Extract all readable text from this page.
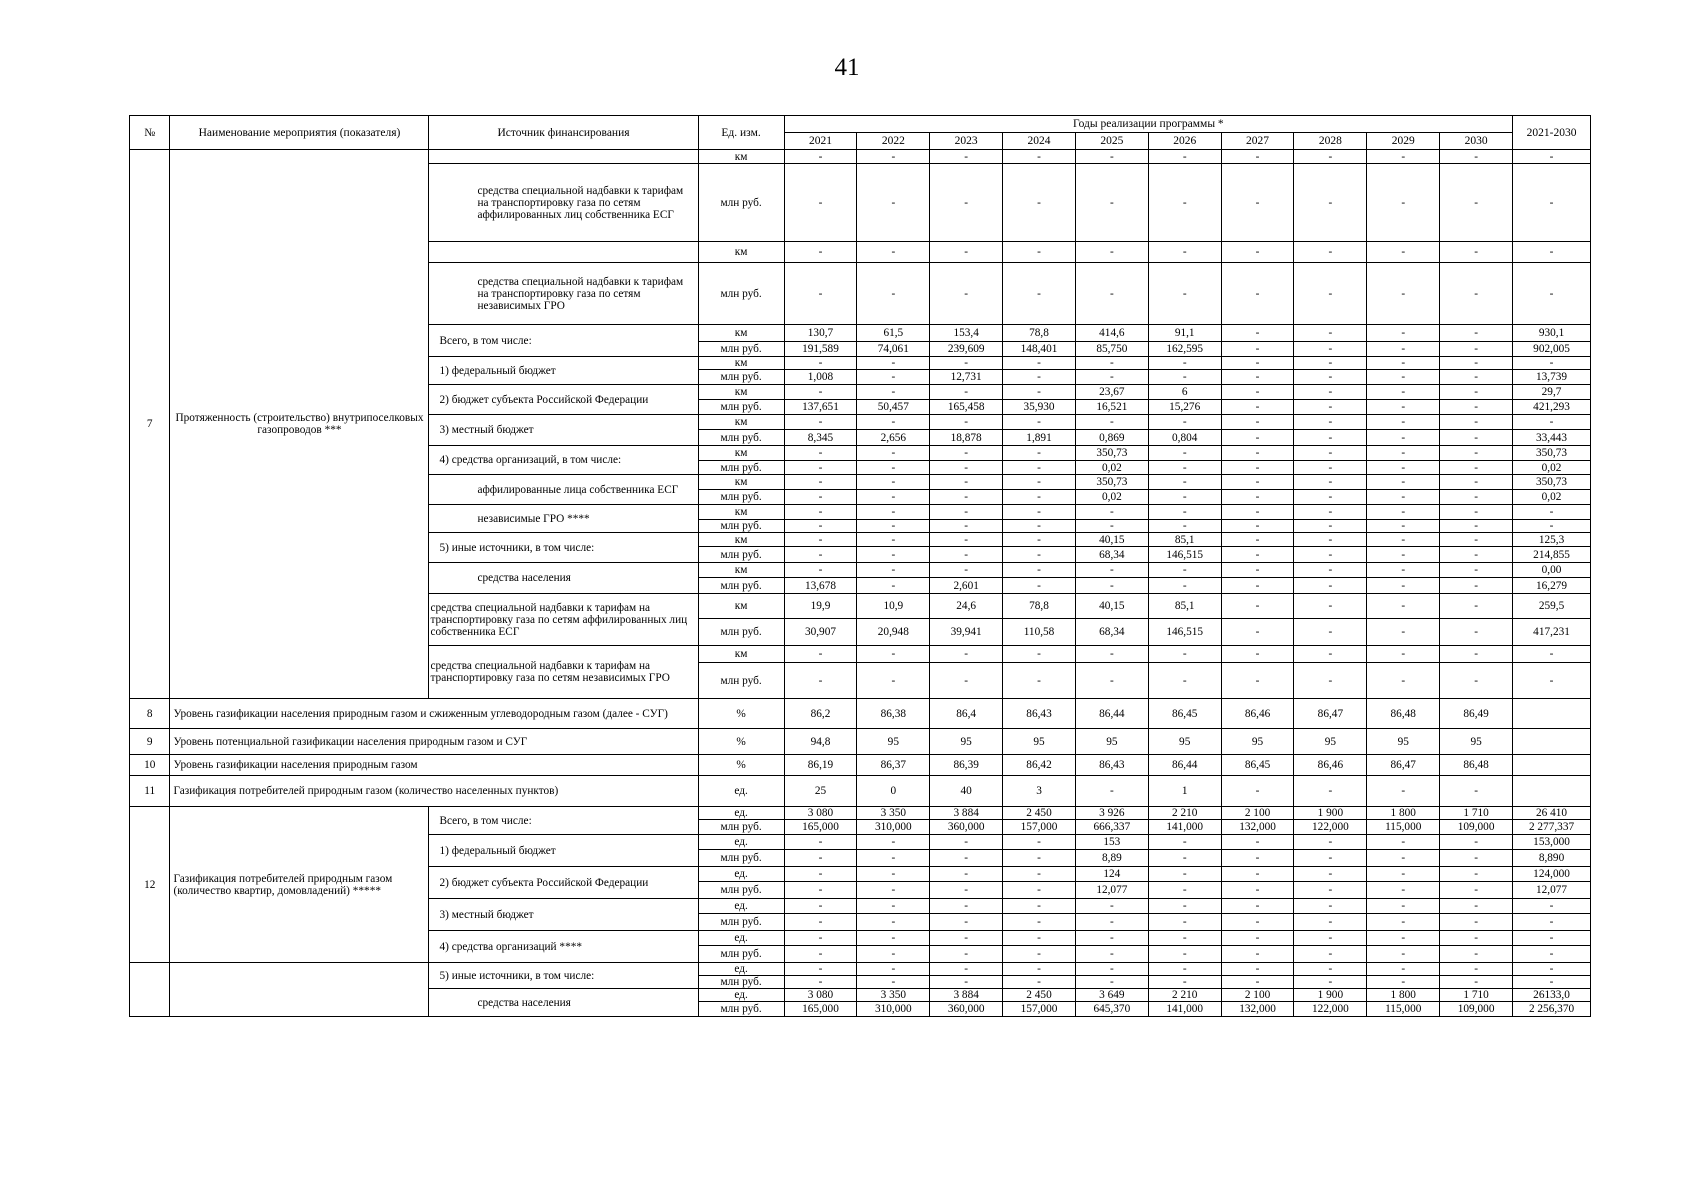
41
№	Наименование мероприятия (показателя)	Источник финансирования	Ед. изм.	Годы реализации программы *										2021-2030
				2021	2022	2023	2024	2025	2026	2027	2028	2029	2030	
7	Протяженность (строительство) внутрипоселковых газопроводов ***		км	-	-	-	-	-	-	-	-	-	-	-
		средства специальной надбавки к тарифам на транспортировку газа по сетям аффилированных лиц собственника ЕСГ	млн руб.	-	-	-	-	-	-	-	-	-	-	-
			км	-	-	-	-	-	-	-	-	-	-	-
		средства специальной надбавки к тарифам на транспортировку газа по сетям независимых ГРО	млн руб.	-	-	-	-	-	-	-	-	-	-	-
		Всего, в том числе:	км	130,7	61,5	153,4	78,8	414,6	91,1	-	-	-	-	930,1
			млн руб.	191,589	74,061	239,609	148,401	85,750	162,595	-	-	-	-	902,005
		1) федеральный бюджет	км	-	-	-	-	-	-	-	-	-	-	-
			млн руб.	1,008	-	12,731	-	-	-	-	-	-	-	13,739
		2) бюджет субъекта Российской Федерации	км	-	-	-	-	23,67	6	-	-	-	-	29,7
			млн руб.	137,651	50,457	165,458	35,930	16,521	15,276	-	-	-	-	421,293
		3) местный бюджет	км	-	-	-	-	-	-	-	-	-	-	-
			млн руб.	8,345	2,656	18,878	1,891	0,869	0,804	-	-	-	-	33,443
		4) средства организаций, в том числе:	км	-	-	-	-	350,73	-	-	-	-	-	350,73
			млн руб.	-	-	-	-	0,02	-	-	-	-	-	0,02
		аффилированные лица собственника ЕСГ	км	-	-	-	-	350,73	-	-	-	-	-	350,73
			млн руб.	-	-	-	-	0,02	-	-	-	-	-	0,02
		независимые ГРО ****	км	-	-	-	-	-	-	-	-	-	-	-
			млн руб.	-	-	-	-	-	-	-	-	-	-	-
		5) иные источники, в том числе:	км	-	-	-	-	40,15	85,1	-	-	-	-	125,3
			млн руб.	-	-	-	-	68,34	146,515	-	-	-	-	214,855
		средства населения	км	-	-	-	-	-	-	-	-	-	-	0,00
			млн руб.	13,678	-	2,601	-	-	-	-	-	-	-	16,279
		средства специальной надбавки к тарифам на транспортировку газа по сетям аффилированных лиц собственника ЕСГ	км	19,9	10,9	24,6	78,8	40,15	85,1	-	-	-	-	259,5
			млн руб.	30,907	20,948	39,941	110,58	68,34	146,515	-	-	-	-	417,231
		средства специальной надбавки к тарифам на транспортировку газа по сетям независимых ГРО	км	-	-	-	-	-	-	-	-	-	-	-
			млн руб.	-	-	-	-	-	-	-	-	-	-	-
8	Уровень газификации населения природным газом и сжиженным углеводородным газом (далее - СУГ)		%	86,2	86,38	86,4	86,43	86,44	86,45	86,46	86,47	86,48	86,49	
9	Уровень потенциальной газификации населения природным газом и СУГ		%	94,8	95	95	95	95	95	95	95	95	95	
10	Уровень газификации населения природным газом		%	86,19	86,37	86,39	86,42	86,43	86,44	86,45	86,46	86,47	86,48	
11	Газификация потребителей природным газом (количество населенных пунктов)		ед.	25	0	40	3	-	1	-	-	-	-	
12	Газификация потребителей природным газом (количество квартир, домовладений) *****	Всего, в том числе:	ед.	3 080	3 350	3 884	2 450	3 926	2 210	2 100	1 900	1 800	1 710	26 410
			млн руб.	165,000	310,000	360,000	157,000	666,337	141,000	132,000	122,000	115,000	109,000	2 277,337
		1) федеральный бюджет	ед.	-	-	-	-	153	-	-	-	-	-	153,000
			млн руб.	-	-	-	-	8,89	-	-	-	-	-	8,890
		2) бюджет субъекта Российской Федерации	ед.	-	-	-	-	124	-	-	-	-	-	124,000
			млн руб.	-	-	-	-	12,077	-	-	-	-	-	12,077
		3) местный бюджет	ед.	-	-	-	-	-	-	-	-	-	-	-
			млн руб.	-	-	-	-	-	-	-	-	-	-	-
		4) средства организаций ****	ед.	-	-	-	-	-	-	-	-	-	-	-
			млн руб.	-	-	-	-	-	-	-	-	-	-	-
		5) иные источники, в том числе:	ед.	-	-	-	-	-	-	-	-	-	-	-
			млн руб.	-	-	-	-	-	-	-	-	-	-	-
		средства населения	ед.	3 080	3 350	3 884	2 450	3 649	2 210	2 100	1 900	1 800	1 710	26133,0
			млн руб.	165,000	310,000	360,000	157,000	645,370	141,000	132,000	122,000	115,000	109,000	2 256,370
